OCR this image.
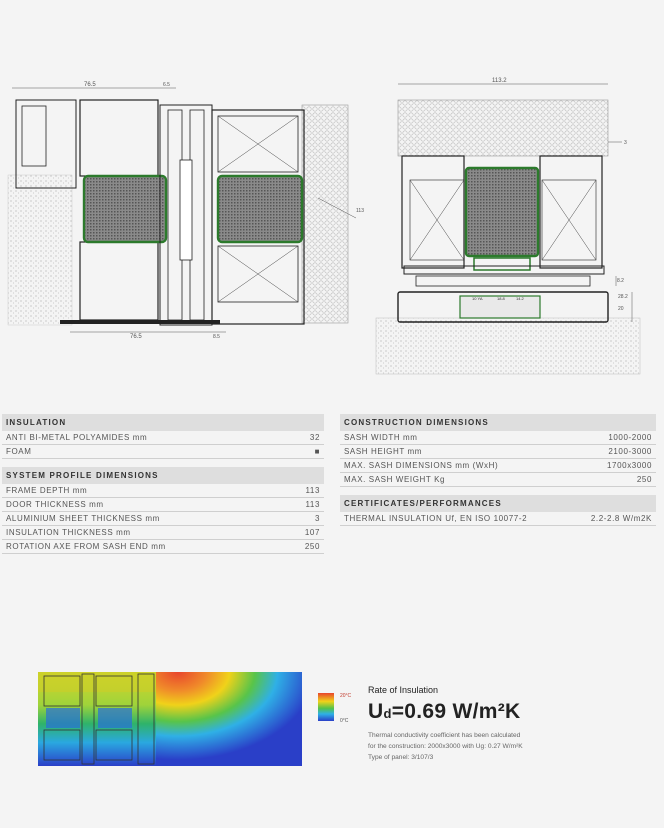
76.5	6.5
76.5	8.5
113
113.2
3
8.2
28.2
20
10 YA	18.8	14.2
INSULATION
ANTI BI-METAL POLYAMIDES mm	32
FOAM	■
SYSTEM PROFILE DIMENSIONS
FRAME DEPTH mm	113
DOOR THICKNESS mm	113
ALUMINIUM SHEET THICKNESS mm	3
INSULATION THICKNESS mm	107
ROTATION AXE FROM SASH END mm	250
CONSTRUCTION DIMENSIONS
SASH WIDTH mm	1000-2000
SASH HEIGHT mm	2100-3000
MAX. SASH DIMENSIONS mm (WxH)	1700x3000
MAX. SASH WEIGHT Kg	250
CERTIFICATES/PERFORMANCES
THERMAL INSULATION Uf, EN ISO 10077-2	2.2-2.8 W/m2K
20°C
0°C
Rate of Insulation
Ud=0.69 W/m²K
Thermal conductivity coefficient has been calculated
for the construction: 2000x3000 with Ug: 0.27 W/m²K
Type of panel: 3/107/3
